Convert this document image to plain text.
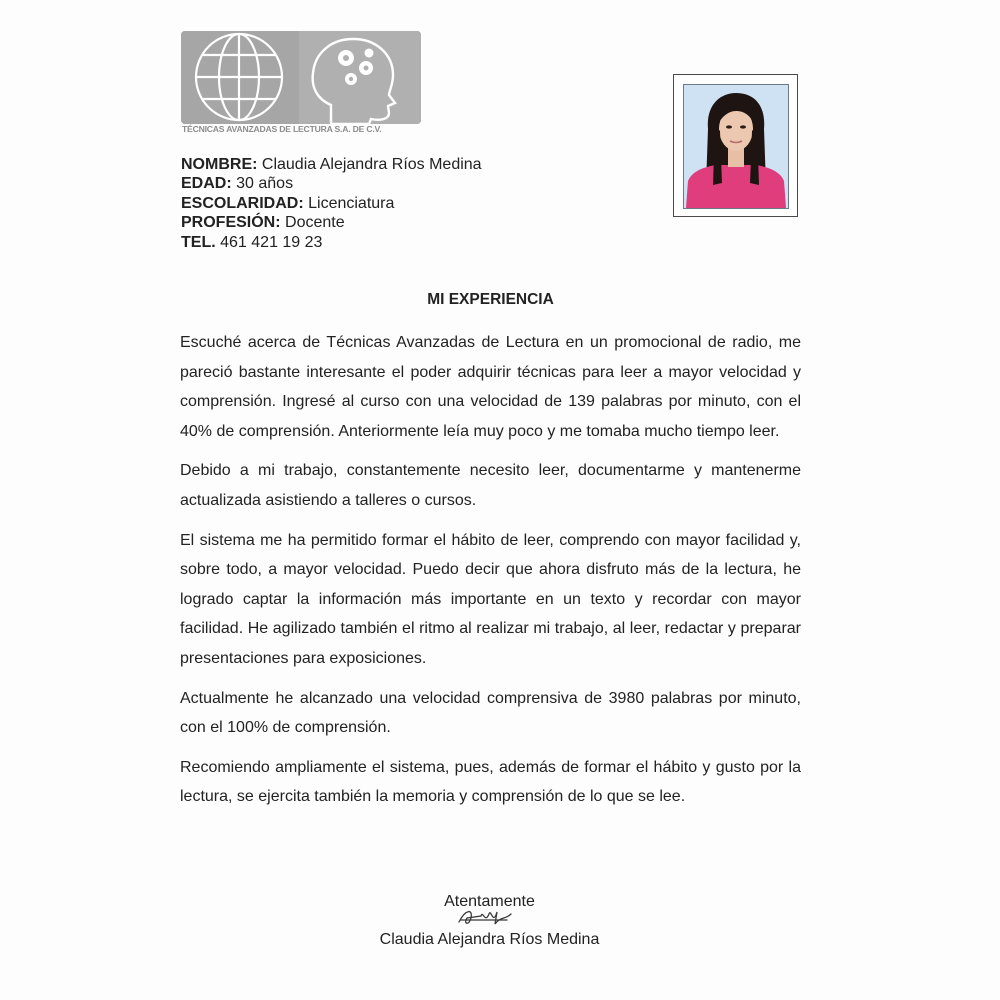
TÉCNICAS AVANZADAS DE LECTURA S.A. DE C.V.
NOMBRE: Claudia Alejandra Ríos Medina
EDAD: 30 años
ESCOLARIDAD: Licenciatura
PROFESIÓN: Docente
TEL. 461 421 19 23
MI EXPERIENCIA

Escuché acerca de Técnicas Avanzadas de Lectura en un promocional de radio, me pareció bastante interesante el poder adquirir técnicas para leer a mayor velocidad y comprensión. Ingresé al curso con una velocidad de 139 palabras por minuto, con el 40% de comprensión. Anteriormente leía muy poco y me tomaba mucho tiempo leer.

Debido a mi trabajo, constantemente necesito leer, documentarme y mantenerme actualizada asistiendo a talleres o cursos.

El sistema me ha permitido formar el hábito de leer, comprendo con mayor facilidad y, sobre todo, a mayor velocidad. Puedo decir que ahora disfruto más de la lectura, he logrado captar la información más importante en un texto y recordar con mayor facilidad. He agilizado también el ritmo al realizar mi trabajo, al leer, redactar y preparar presentaciones para exposiciones.

Actualmente he alcanzado una velocidad comprensiva de 3980 palabras por minuto, con el 100% de comprensión.

Recomiendo ampliamente el sistema, pues, además de formar el hábito y gusto por la lectura, se ejercita también la memoria y comprensión de lo que se lee.

Atentamente
Claudia Alejandra Ríos Medina
